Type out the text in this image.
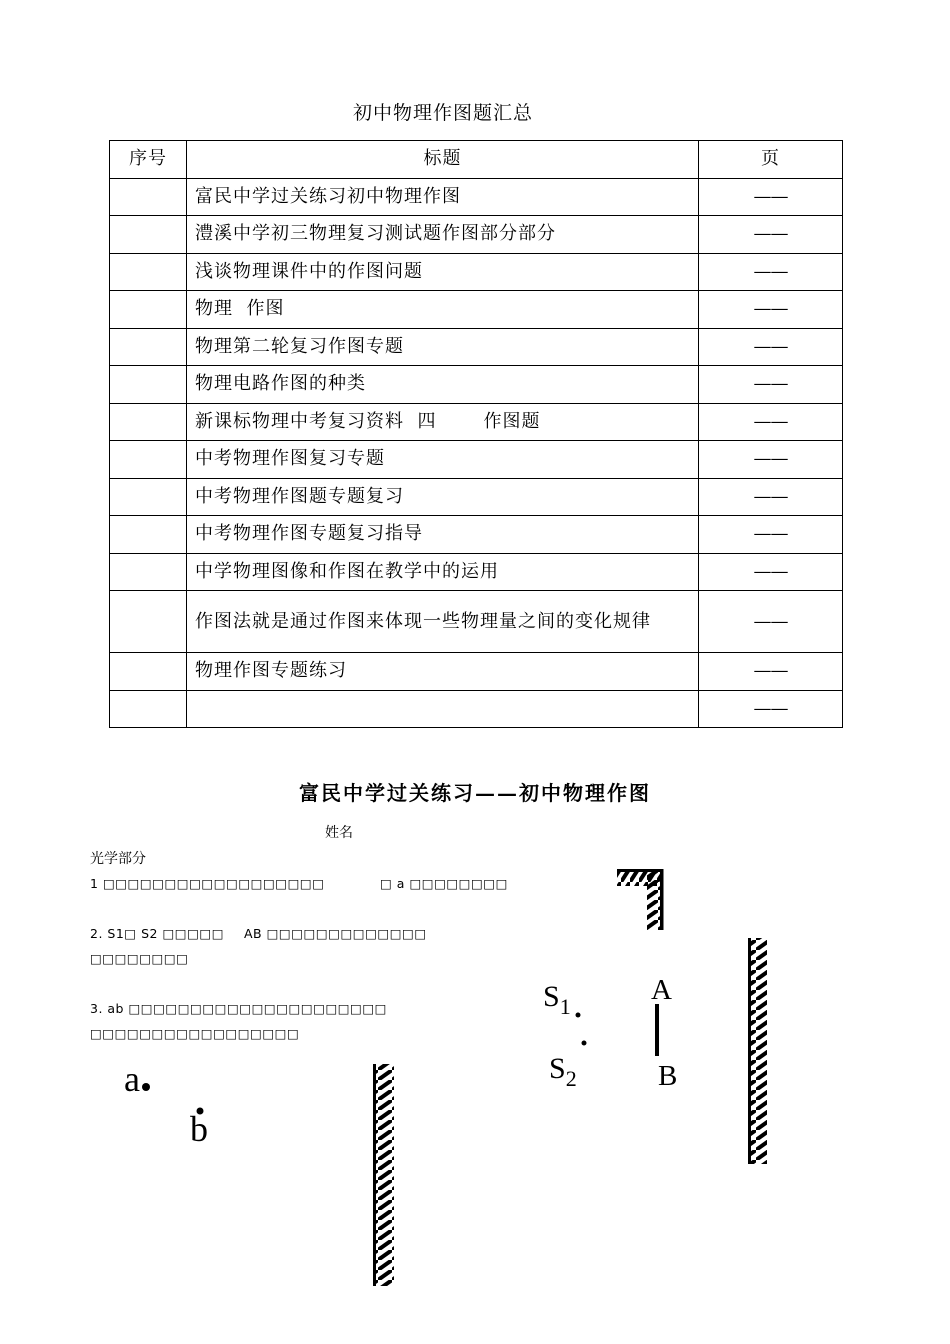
初中物理作图题汇总
序号	标题	页
	富民中学过关练习初中物理作图	——
	澧溪中学初三物理复习测试题作图部分部分	——
	浅谈物理课件中的作图问题	——
	物理  作图	——
	物理第二轮复习作图专题	——
	物理电路作图的种类	——
	新课标物理中考复习资料  四       作图题	——
	中考物理作图复习专题	——
	中考物理作图题专题复习	——
	中考物理作图专题复习指导	——
	中学物理图像和作图在教学中的运用	——
	作图法就是通过作图来体现一些物理量之间的变化规律	——
	物理作图专题练习	——
		——
富民中学过关练习——初中物理作图
姓名
光学部分
1 □□□□□□□□□□□□□□□□□□	□ a □□□□□□□□
2. S1□ S2 □□□□□ AB □□□□□□□□□□□□□
□□□□□□□□
3. ab □□□□□□□□□□□□□□□□□□□□□
□□□□□□□□□□□□□□□□□
a
b
$S_1$
$S_2$
A
B
